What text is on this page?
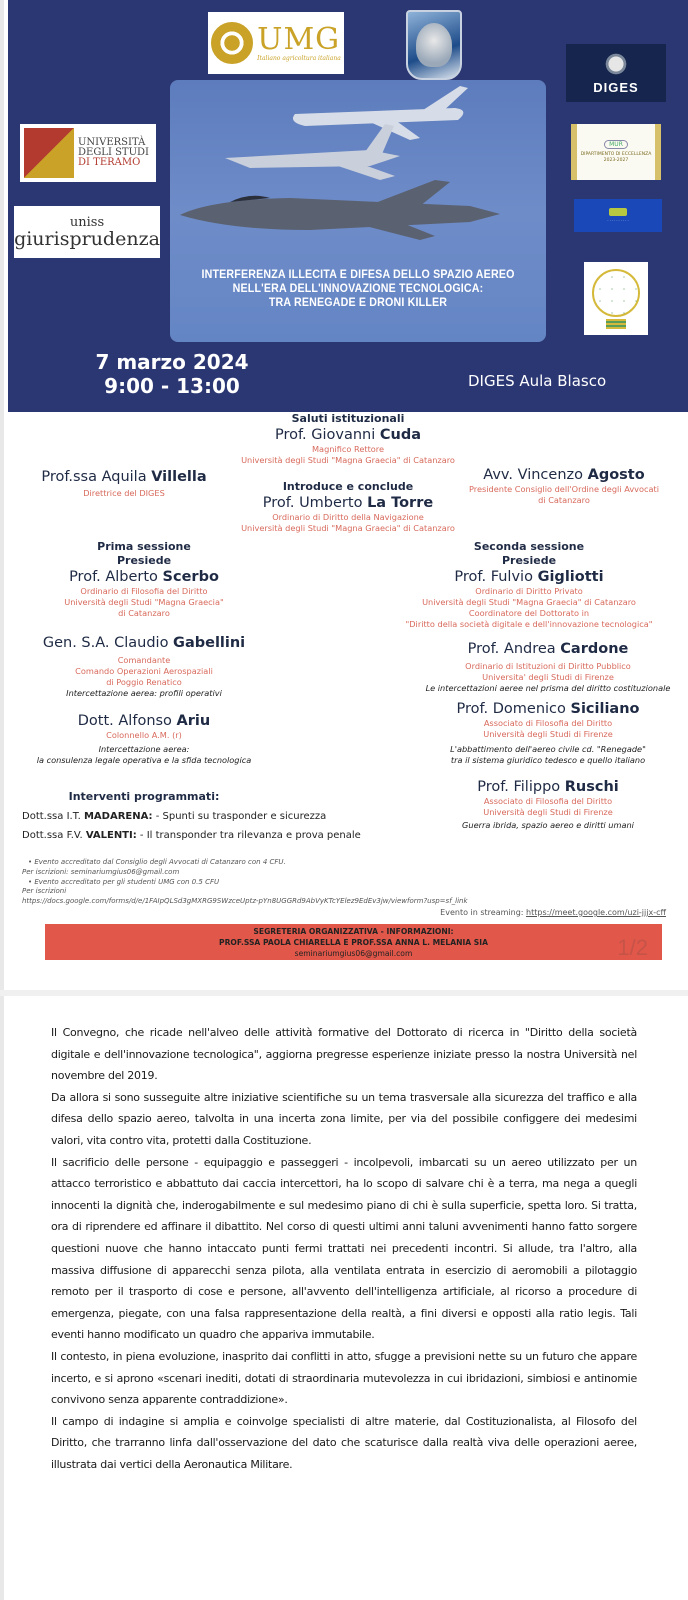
UMG
Italiano agricoltura italiana
DIGES
UNIVERSITÀ
DEGLI STUDI
DI TERAMO
uniss
giurisprudenza
MUR
DIPARTIMENTO DI ECCELLENZA 2023-2027
· · · · · · · · · ·
INTERFERENZA ILLECITA E DIFESA DELLO SPAZIO AEREO
NELL'ERA DELL'INNOVAZIONE TECNOLOGICA:
TRA RENEGADE E DRONI KILLER
7 marzo 2024
9:00 - 13:00	DIGES Aula Blasco
Saluti istituzionali
Prof. Giovanni Cuda
Magnifico Rettore
Università degli Studi "Magna Graecia" di Catanzaro
Prof.ssa Aquila Villella
Direttrice del DIGES
Avv. Vincenzo Agosto
Presidente Consiglio dell'Ordine degli Avvocati
di Catanzaro
Introduce e conclude
Prof. Umberto La Torre
Ordinario di Diritto della Navigazione
Università degli Studi "Magna Graecia" di Catanzaro
Prima sessione
Presiede
Prof. Alberto Scerbo
Ordinario di Filosofia del Diritto
Università degli Studi "Magna Graecia"
di Catanzaro
Gen. S.A. Claudio Gabellini
Comandante
Comando Operazioni Aerospaziali
di Poggio Renatico
Intercettazione aerea: profili operativi
Dott. Alfonso Ariu
Colonnello A.M. (r)
Intercettazione aerea:
la consulenza legale operativa e la sfida tecnologica
Interventi programmati:
Dott.ssa I.T. MADARENA: - Spunti su trasponder e sicurezza
Dott.ssa F.V. VALENTI: - Il transponder tra rilevanza e prova penale
Seconda sessione
Presiede
Prof. Fulvio Gigliotti
Ordinario di Diritto Privato
Università degli Studi "Magna Graecia" di Catanzaro
Coordinatore del Dottorato in
"Diritto della società digitale e dell'innovazione tecnologica"
Prof. Andrea Cardone
Ordinario di Istituzioni di Diritto Pubblico
Universita' degli Studi di Firenze
Le intercettazioni aeree nel prisma del diritto costituzionale
Prof. Domenico Siciliano
Associato di Filosofia del Diritto
Università degli Studi di Firenze
L'abbattimento dell'aereo civile cd. "Renegade"
tra il sistema giuridico tedesco e quello italiano
Prof. Filippo Ruschi
Associato di Filosofia del Diritto
Università degli Studi di Firenze
Guerra ibrida, spazio aereo e diritti umani
• Evento accreditato dal Consiglio degli Avvocati di Catanzaro con 4 CFU.
Per iscrizioni: seminariumgius06@gmail.com
• Evento accreditato per gli studenti UMG con 0.5 CFU
Per iscrizioni
https://docs.google.com/forms/d/e/1FAIpQLSd3gMXRG9SWzceUptz-pYn8UGGRd9AbVyKTcYElez9EdEv3jw/viewform?usp=sf_link
Evento in streaming: https://meet.google.com/uzi-jjjx-cff
SEGRETERIA ORGANIZZATIVA - INFORMAZIONI:
PROF.SSA PAOLA CHIARELLA E PROF.SSA ANNA L. MELANIA SIA
seminariumgius06@gmail.com	1/2

Il Convegno, che ricade nell'alveo delle attività formative del Dottorato di ricerca in "Diritto della società digitale e dell'innovazione tecnologica", aggiorna pregresse esperienze iniziate presso la nostra Università nel novembre del 2019.

Da allora si sono susseguite altre iniziative scientifiche su un tema trasversale alla sicurezza del traffico e alla difesa dello spazio aereo, talvolta in una incerta zona limite, per via del possibile configgere dei medesimi valori, vita contro vita, protetti dalla Costituzione.

Il sacrificio delle persone - equipaggio e passeggeri - incolpevoli, imbarcati su un aereo utilizzato per un attacco terroristico e abbattuto dai caccia intercettori, ha lo scopo di salvare chi è a terra, ma nega a quegli innocenti la dignità che, inderogabilmente e sul medesimo piano di chi è sulla superficie, spetta loro. Si tratta, ora di riprendere ed affinare il dibattito. Nel corso di questi ultimi anni taluni avvenimenti hanno fatto sorgere questioni nuove che hanno intaccato punti fermi trattati nei precedenti incontri. Si allude, tra l'altro, alla massiva diffusione di apparecchi senza pilota, alla ventilata entrata in esercizio di aeromobili a pilotaggio remoto per il trasporto di cose e persone, all'avvento dell'intelligenza artificiale, al ricorso a procedure di emergenza, piegate, con una falsa rappresentazione della realtà, a fini diversi e opposti alla ratio legis. Tali eventi hanno modificato un quadro che appariva immutabile.

Il contesto, in piena evoluzione, inasprito dai conflitti in atto, sfugge a previsioni nette su un futuro che appare incerto, e si aprono «scenari inediti, dotati di straordinaria mutevolezza in cui ibridazioni, simbiosi e antinomie convivono senza apparente contraddizione».

Il campo di indagine si amplia e coinvolge specialisti di altre materie, dal Costituzionalista, al Filosofo del Diritto, che trarranno linfa dall'osservazione del dato che scaturisce dalla realtà viva delle operazioni aeree, illustrata dai vertici della Aeronautica Militare.
